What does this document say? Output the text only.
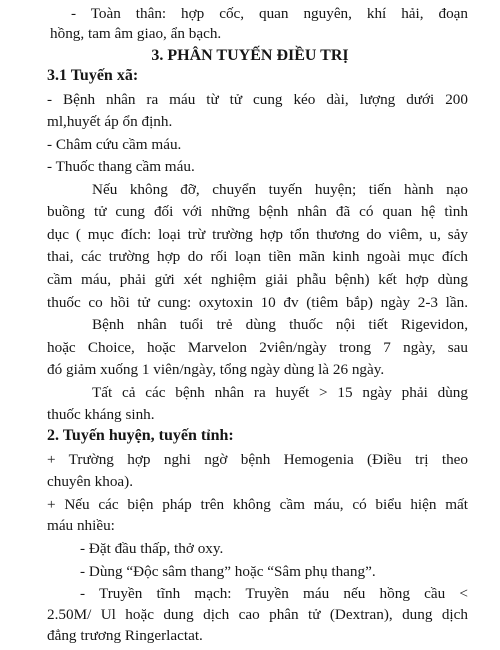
- Toàn thân: hợp cốc, quan nguyên, khí hải, đoạn
hồng, tam âm giao, ẩn bạch.
3. PHÂN TUYẾN ĐIỀU TRỊ
3.1 Tuyến xã:
- Bệnh nhân ra máu từ tử cung kéo dài, lượng dưới 200
ml,huyết áp ổn định.
- Châm cứu cầm máu.
- Thuốc thang cầm máu.
Nếu không đỡ, chuyển tuyến huyện; tiến hành nạo
buồng tử cung đối với những bệnh nhân đã có quan hệ tình
dục ( mục đích: loại trừ trường hợp tổn thương do viêm, u, sảy
thai, các trường hợp do rối loạn tiền mãn kinh ngoài mục đích
cầm máu, phải gửi xét nghiệm giải phẫu bệnh) kết hợp dùng
thuốc co hồi tử cung: oxytoxin 10 đv (tiêm bắp) ngày 2-3 lần.
Bệnh nhân tuổi trẻ dùng thuốc nội tiết Rigevidon,
hoặc Choice, hoặc Marvelon 2viên/ngày trong 7 ngày, sau
đó giảm xuống 1 viên/ngày, tổng ngày dùng là 26 ngày.
Tất cả các bệnh nhân ra huyết > 15 ngày phải dùng
thuốc kháng sinh.
2. Tuyến huyện, tuyến tỉnh:
+ Trường hợp nghi ngờ bệnh Hemogenia (Điều trị theo
chuyên khoa).
+ Nếu các biện pháp trên không cầm máu, có biểu hiện mất
máu nhiều:
- Đặt đầu thấp, thở oxy.
- Dùng “Độc sâm thang” hoặc “Sâm phụ thang”.
- Truyền tĩnh mạch: Truyền máu nếu hồng cầu <
2.50M/ Ul hoặc dung dịch cao phân tử (Dextran), dung dịch
đẳng trương Ringerlactat.
